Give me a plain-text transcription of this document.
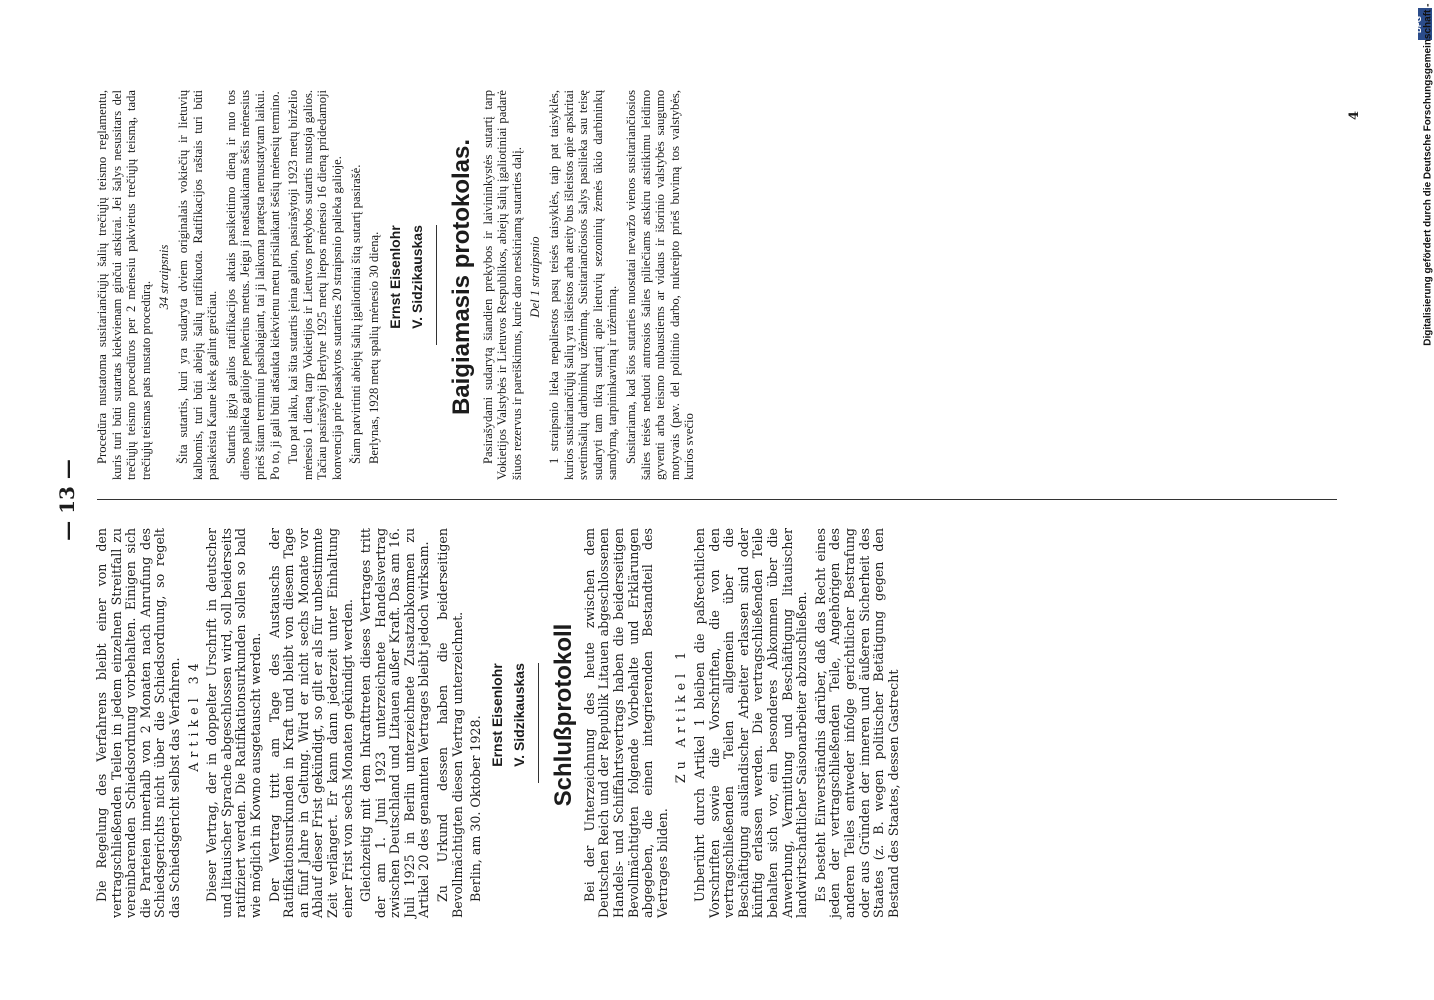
— 13 —

Die Regelung des Verfahrens bleibt einer von den vertragschließenden Teilen in jedem einzelnen Streitfall zu vereinbarenden Schiedsordnung vorbehalten. Einigen sich die Parteien innerhalb von 2 Monaten nach Anrufung des Schiedsgerichts nicht über die Schiedsordnung, so regelt das Schiedsgericht selbst das Verfahren. Artikel 34 Dieser Vertrag, der in doppelter Urschrift in deutscher und litauischer Sprache abgeschlossen wird, soll beiderseits ratifiziert werden. Die Ratifikationsurkunden sollen so bald wie möglich in Kowno ausgetauscht werden. Der Vertrag tritt am Tage des Austauschs der Ratifikationsurkunden in Kraft und bleibt von diesem Tage an fünf Jahre in Geltung. Wird er nicht sechs Monate vor Ablauf dieser Frist gekündigt, so gilt er als für unbestimmte Zeit verlängert. Er kann dann jederzeit unter Einhaltung einer Frist von sechs Monaten gekündigt werden. Gleichzeitig mit dem Inkrafttreten dieses Vertrages tritt der am 1. Juni 1923 unterzeichnete Handelsvertrag zwischen Deutschland und Litauen außer Kraft. Das am 16. Juli 1925 in Berlin unterzeichnete Zusatzabkommen zu Artikel 20 des genannten Vertrages bleibt jedoch wirksam. Zu Urkund dessen haben die beiderseitigen Bevollmächtigten diesen Vertrag unterzeichnet. Berlin, am 30. Oktober 1928.

Ernst Eisenlohr V. Sidzikauskas Schlußprotokoll Bei der Unterzeichnung des heute zwischen dem Deutschen Reich und der Republik Litauen abgeschlossenen Handels- und Schiffahrtsvertrags haben die beiderseitigen Bevollmächtigten folgende Vorbehalte und Erklärungen abgegeben, die einen integrierenden Bestandteil des Vertrages bilden.

Zu Artikel 1 Unberührt durch Artikel 1 bleiben die paßrechtlichen Vorschriften sowie die Vorschriften, die von den vertragschließenden Teilen allgemein über die Beschäftigung ausländischer Arbeiter erlassen sind oder künftig erlassen werden. Die vertragschließenden Teile behalten sich vor, ein besonderes Abkommen über die Anwerbung, Vermittlung und Beschäftigung litauischer landwirtschaftlicher Saisonarbeiter abzuschließen. Es besteht Einverständnis darüber, daß das Recht eines jeden der vertragschließenden Teile, Angehörigen des anderen Teiles entweder infolge gerichtlicher Bestrafung oder aus Gründen der inneren und äußeren Sicherheit des Staates (z. B. wegen politischer Betätigung gegen den Bestand des Staates, dessen Gastrecht

Procedūra nustatoma susitariančiųjų šalių trečiųjų teismo reglamentu, kuris turi būti sutartas kiekvienam ginčui atskirai. Jei šalys nesusitars del trečiųjų teismo procedūros per 2 mėnesiu pakvietus trečiųjų teismą, tada trečiųjų teismas pats nustato procedūrą.

34 straipsnis Šita sutartis, kuri yra sudaryta dviem originalais vokiečių ir lietuvių kalbomis, turi būti abiejų šalių ratifikuota. Ratifikacijos raštais turi būti pasikeista Kaune kiek galint greičiau. Sutartis įgyja galios ratifikacijos aktais pasikeitimo dieną ir nuo tos dienos palieka galioje penkerius metus. Jeigu ji neatšaukiama šešis mėnesius prieš šitam terminui pasibaigiant, tai ji laikoma pratęsta nenustatytam laikui. Po to, ji gali būti atšaukta kiekvienu metu prisilaikant šešių mėnesių termino. Tuo pat laiku, kai šita sutartis įeina galion, pasirašytoji 1923 metų birželio mėnesio 1 dieną tarp Vokietijos ir Lietuvos prekybos sutartis nustoja galios. Tačiau pasirašytoji Berlyne 1925 metų liepos mėnesio 16 dieną pridedamoji konvencija prie pasakytos sutarties 20 straipsnio palieka galioje. Šiam patvirtinti abiejų šalių įgaliotiniai šitą sutartį pasirašė. Berlynas, 1928 metų spalių mėnesio 30 dieną. Ernst Eisenlohr V. Sidzikauskas Baigiamasis protokolas. Pasirašydami sudarytą šiandien prekybos ir laivininkystės sutartį tarp Vokietijos Valstybės ir Lietuvos Respublikos, abiejų šalių įgaliotiniai padarė šiuos rezervus ir pareiškimus, kurie daro neskiriamą sutarties dalį. Del 1 straipsnio 1 straipsnio lieka nepaliestos pasų teisės taisyklės, taip pat taisyklės, kurios susitariančiųjų šalių yra išleistos arba ateity bus išleistos apie apskritai svetimšalių darbininkų užėmimą. Susitariančiosios šalys pasilieka sau teisę sudaryti tam tikrą sutartį apie lietuvių sezoninių žemės ūkio darbininkų samdymą, tarpininkavimą ir užėmimą. Susitariama, kad šios sutarties nuostatai nevaržo vienos susitariančiosios šalies teisės neduoti antrosios šalies piliečiams atskiru atsitikimu leidimo gyventi arba teismo nubaustiems ar vidaus ir išorinio valstybės saugumo motyvais (pav. del politinio darbo, nukreipto prieš buvimą tos valstybės, kurios svečio

4
DFG Digitalisierung gefördert durch die Deutsche Forschungsgemeinschaft -
